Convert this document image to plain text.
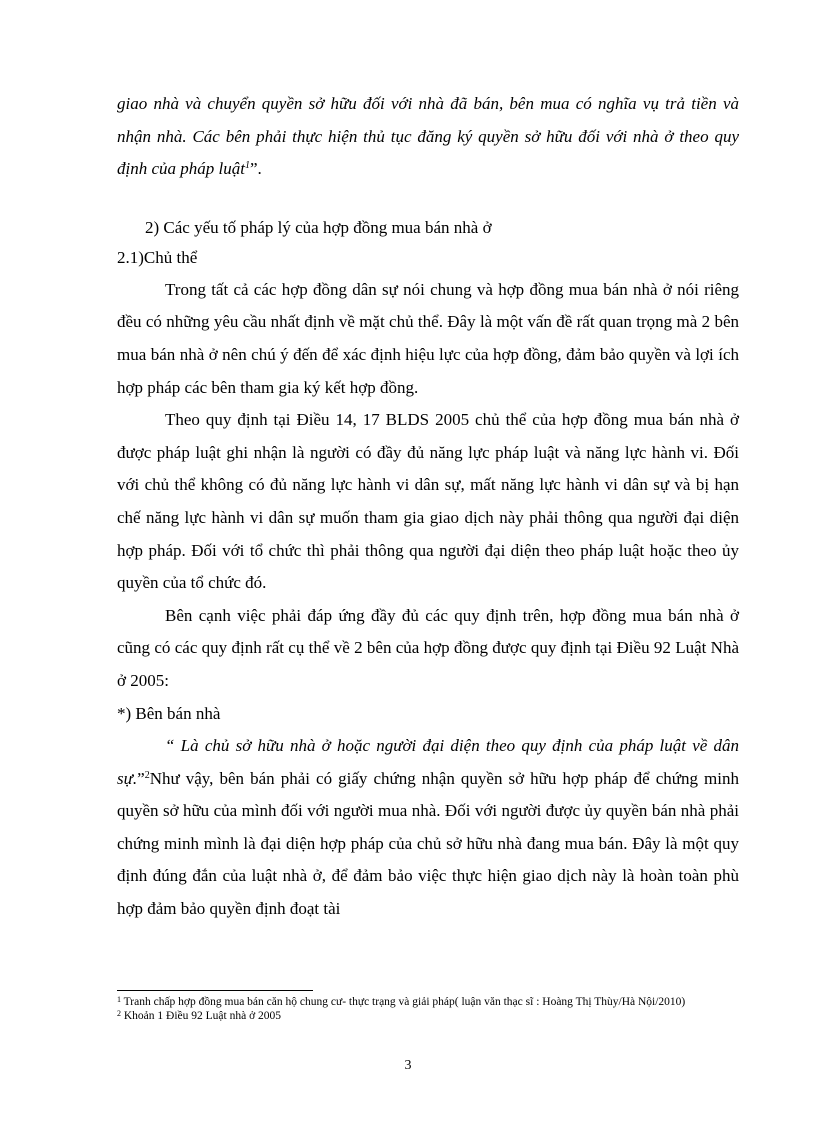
giao nhà và chuyển quyền sở hữu đối với nhà đã bán, bên mua có nghĩa vụ trả tiền và nhận nhà. Các bên phải thực hiện thủ tục đăng ký quyền sở hữu đối với nhà ở theo quy định của pháp luật$^1$”.

2) Các yếu tố pháp lý của hợp đồng mua bán nhà ở

2.1)Chủ thể

Trong tất cả các hợp đồng dân sự nói chung và hợp đồng mua bán nhà ở nói riêng đều có những yêu cầu nhất định về mặt chủ thể. Đây là một vấn đề rất quan trọng mà 2 bên mua bán nhà ở nên chú ý đến để xác định hiệu lực của hợp đồng, đảm bảo quyền và lợi ích hợp pháp các bên tham gia ký kết hợp đồng.

Theo quy định tại Điều 14, 17 BLDS 2005 chủ thể của hợp đồng mua bán nhà ở được pháp luật ghi nhận là người có đầy đủ năng lực pháp luật và năng lực hành vi. Đối với chủ thể không có đủ năng lực hành vi dân sự, mất năng lực hành vi dân sự và bị hạn chế năng lực hành vi dân sự muốn tham gia giao dịch này phải thông qua người đại diện hợp pháp. Đối với tổ chức thì phải thông qua người đại diện theo pháp luật hoặc theo ủy quyền của tổ chức đó.

Bên cạnh việc phải đáp ứng đầy đủ các quy định trên, hợp đồng mua bán nhà ở cũng có các quy định rất cụ thể về 2 bên của hợp đồng được quy định tại Điều 92 Luật Nhà ở 2005:

*) Bên bán nhà

“ Là chủ sở hữu nhà ở hoặc người đại diện theo quy định của pháp luật về dân sự.”$^2$Như vậy, bên bán phải có giấy chứng nhận quyền sở hữu hợp pháp để chứng minh quyền sở hữu của mình đối với người mua nhà. Đối với người được ủy quyền bán nhà phải chứng minh mình là đại diện hợp pháp của chủ sở hữu nhà đang mua bán. Đây là một quy định đúng đắn của luật nhà ở, để đảm bảo việc thực hiện giao dịch này là hoàn toàn phù hợp đảm bảo quyền định đoạt tài

$^1$ Tranh chấp hợp đồng mua bán căn hộ chung cư- thực trạng và giải pháp( luận văn thạc sĩ : Hoàng Thị Thùy/Hà Nội/2010)

$^2$ Khoản 1 Điều 92 Luật nhà ở 2005

3
